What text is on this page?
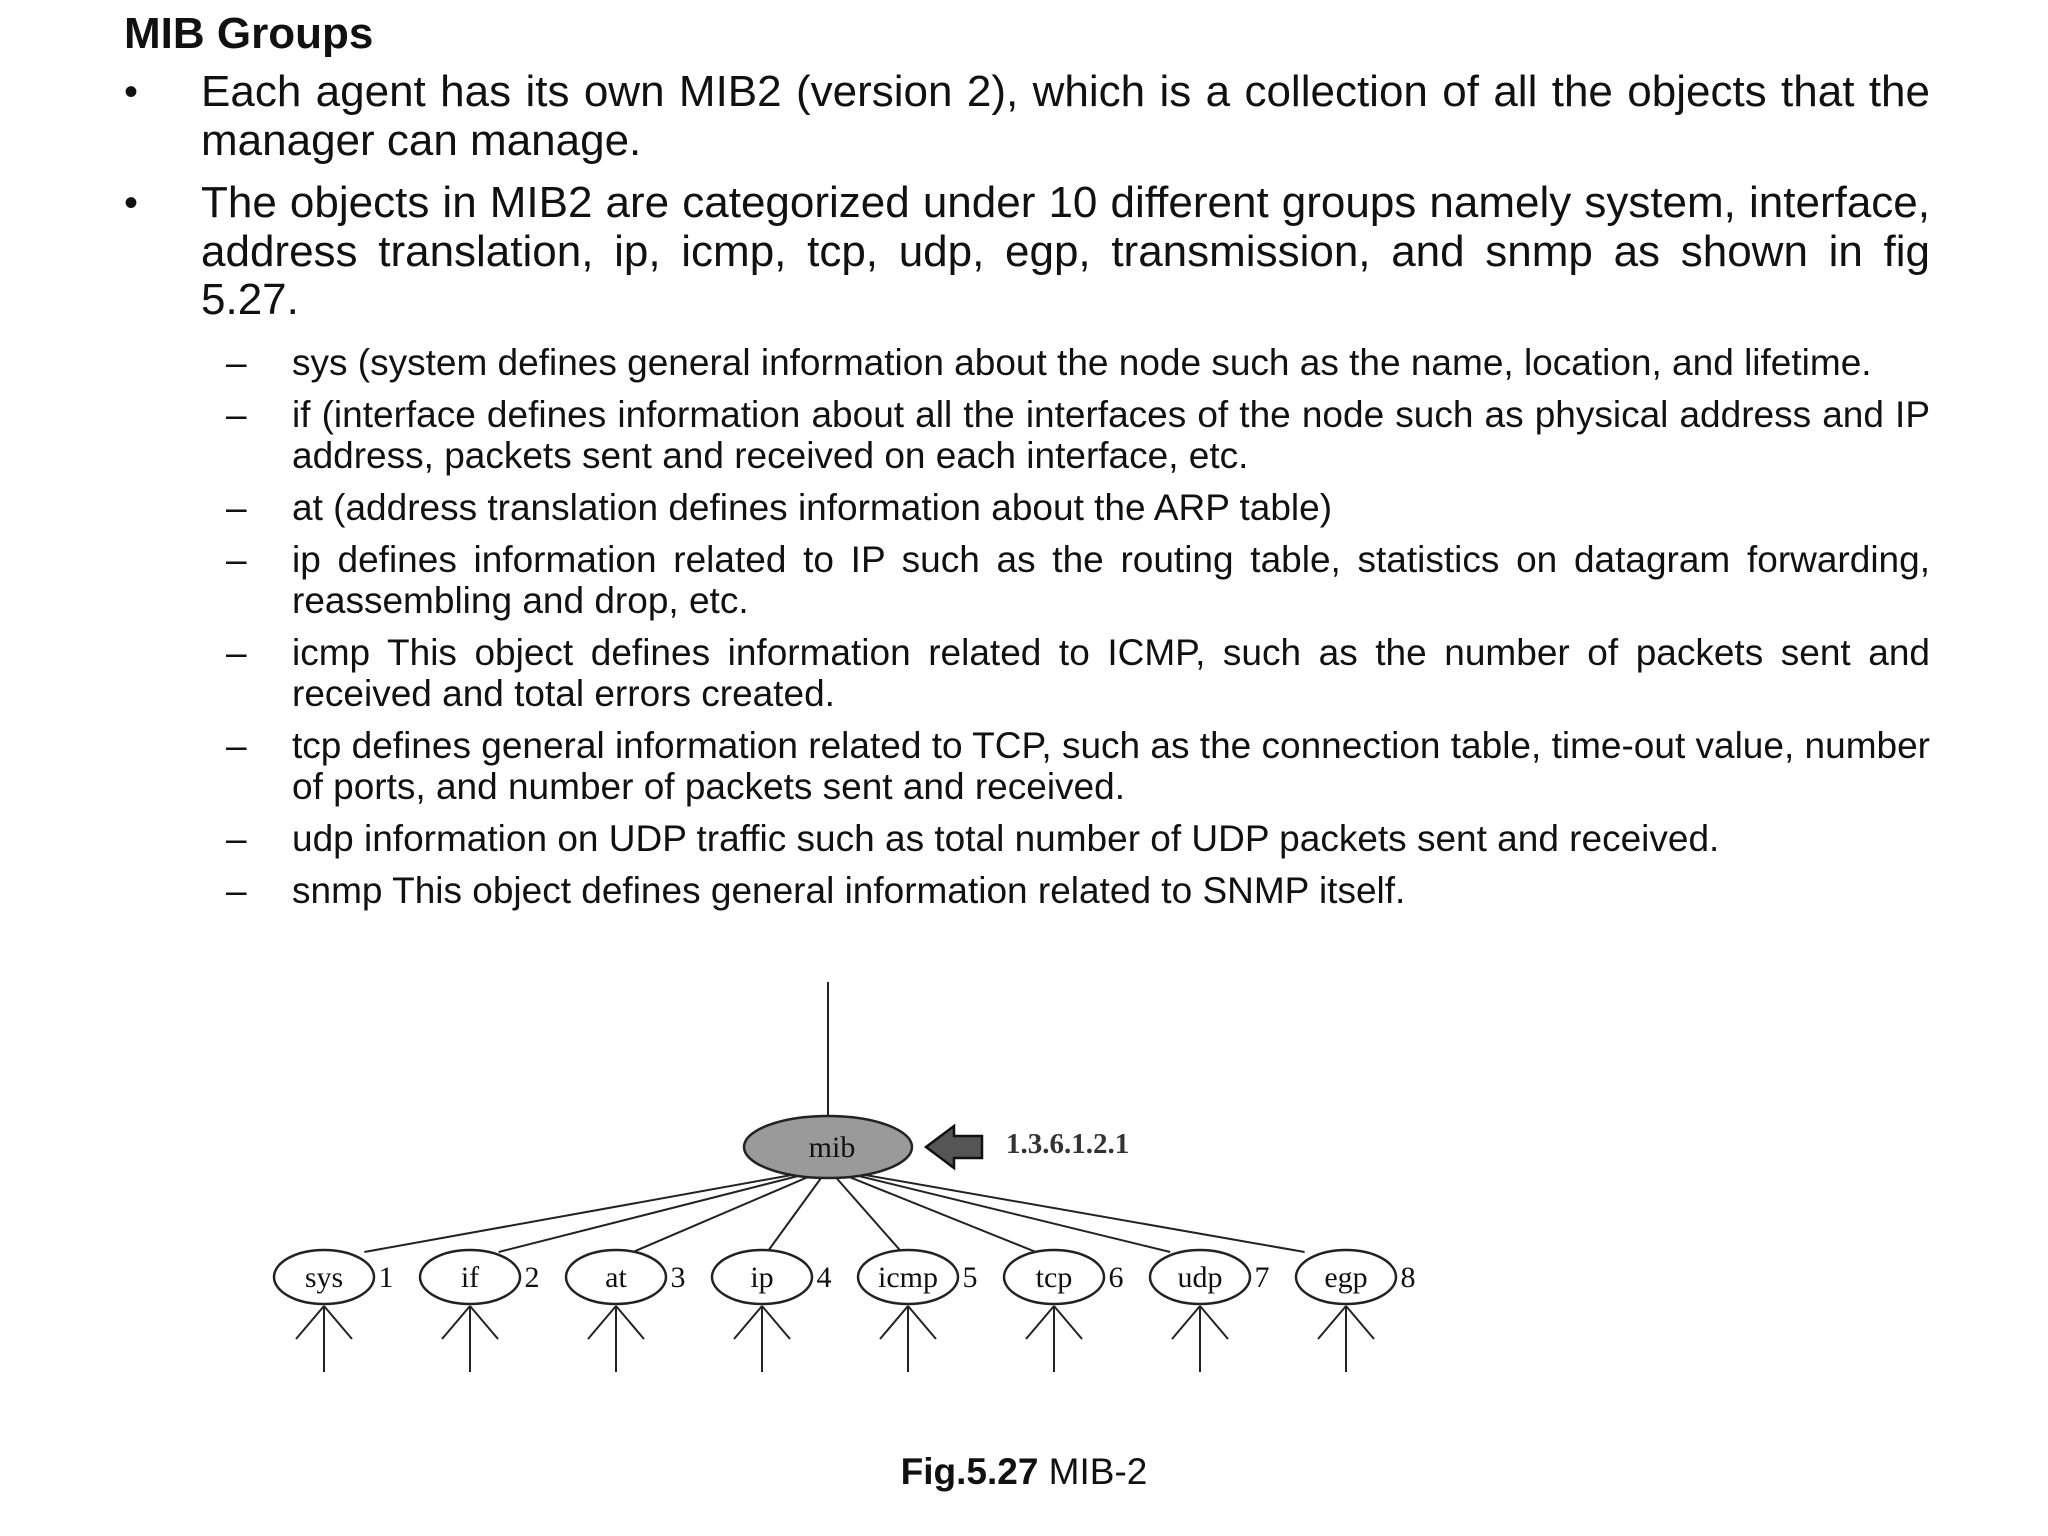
MIB Groups
•	Each agent has its own MIB2 (version 2), which is a collection of all the objects that the manager can manage.
•	The objects in MIB2 are categorized under 10 different groups namely system, interface, address translation, ip, icmp, tcp, udp, egp, transmission, and snmp as shown in fig 5.27.
–	sys (system defines general information about the node such as the name, location, and lifetime.
–	if (interface defines information about all the interfaces of the node such as physical address and IP address, packets sent and received on each interface, etc.
–	at (address translation defines information about the ARP table)
–	ip defines information related to IP such as the routing table, statistics on datagram forwarding, reassembling and drop, etc.
–	icmp This object defines information related to ICMP, such as the number of packets sent and received and total errors created.
–	tcp defines general information related to TCP, such as the connection table, time-out value, number of ports, and number of packets sent and received.
–	udp information on UDP traffic such as total number of UDP packets sent and received.
–	snmp This object defines general information related to SNMP itself.
mib	1.3.6.1.2.1
sys 1 if 2 at 3 ip 4 icmp 5 tcp 6 udp 7 egp 8
Fig.5.27 MIB-2
